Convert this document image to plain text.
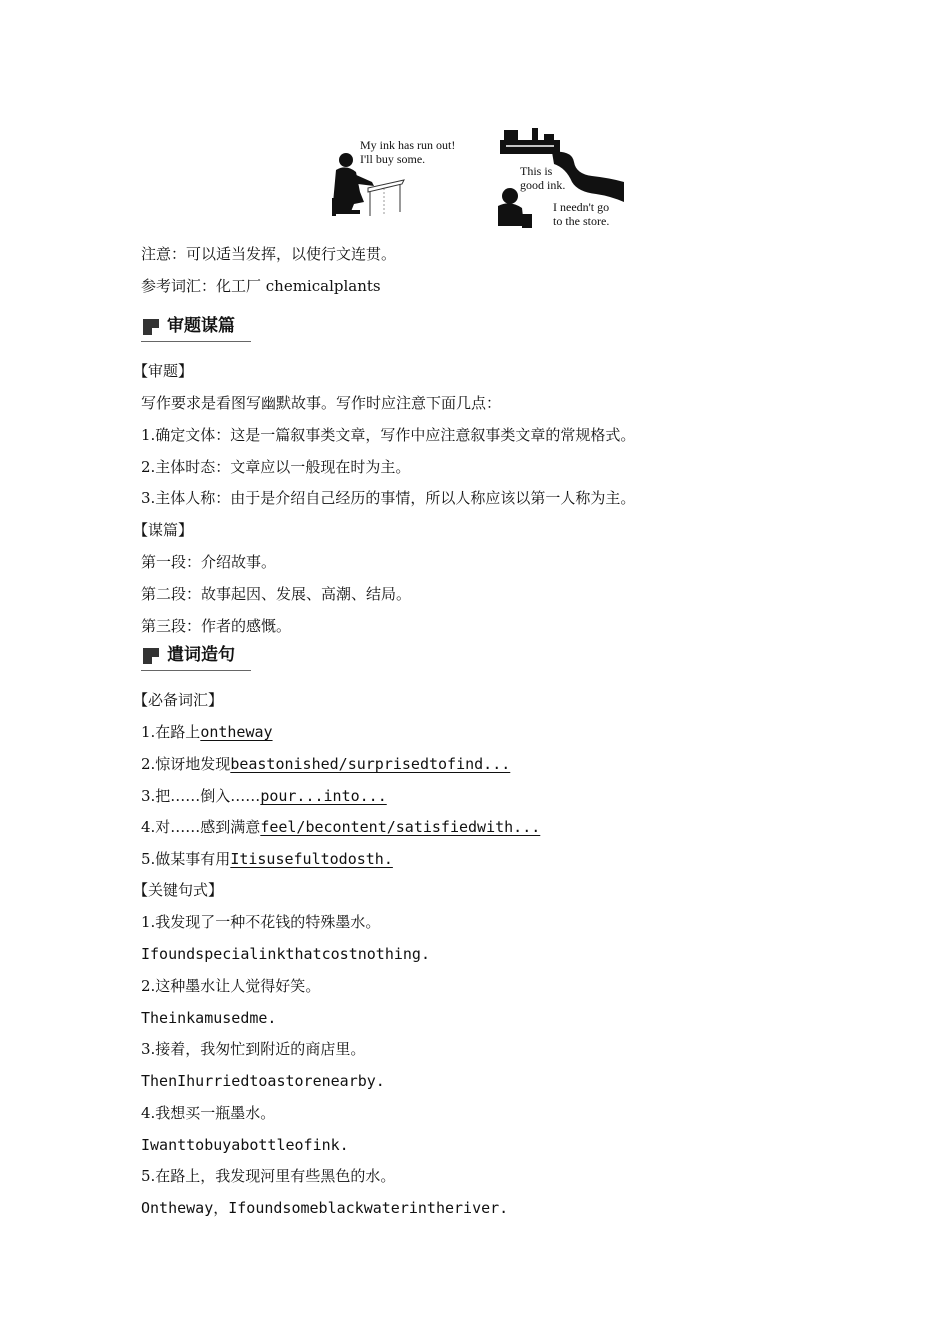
My ink has run out!
I'll buy some.
This is
good ink.
I needn't go
to the store.
注意：可以适当发挥，以使行文连贯。
参考词汇：化工厂 chemicalplants
审题谋篇
【审题】
写作要求是看图写幽默故事。写作时应注意下面几点：
1.确定文体：这是一篇叙事类文章，写作中应注意叙事类文章的常规格式。
2.主体时态：文章应以一般现在时为主。
3.主体人称：由于是介绍自己经历的事情，所以人称应该以第一人称为主。
【谋篇】
第一段：介绍故事。
第二段：故事起因、发展、高潮、结局。
第三段：作者的感慨。
遣词造句
【必备词汇】
1.在路上ontheway
2.惊讶地发现beastonished/surprisedtofind...
3.把……倒入……pour...into...
4.对……感到满意feel/becontent/satisfiedwith...
5.做某事有用Itisusefultodosth.
【关键句式】
1.我发现了一种不花钱的特殊墨水。
Ifoundspecialinkthatcostnothing.
2.这种墨水让人觉得好笑。
Theinkamusedme.
3.接着，我匆忙到附近的商店里。
ThenIhurriedtoastorenearby.
4.我想买一瓶墨水。
Iwanttobuyabottleofink.
5.在路上，我发现河里有些黑色的水。
Ontheway，Ifoundsomeblackwaterintheriver.
